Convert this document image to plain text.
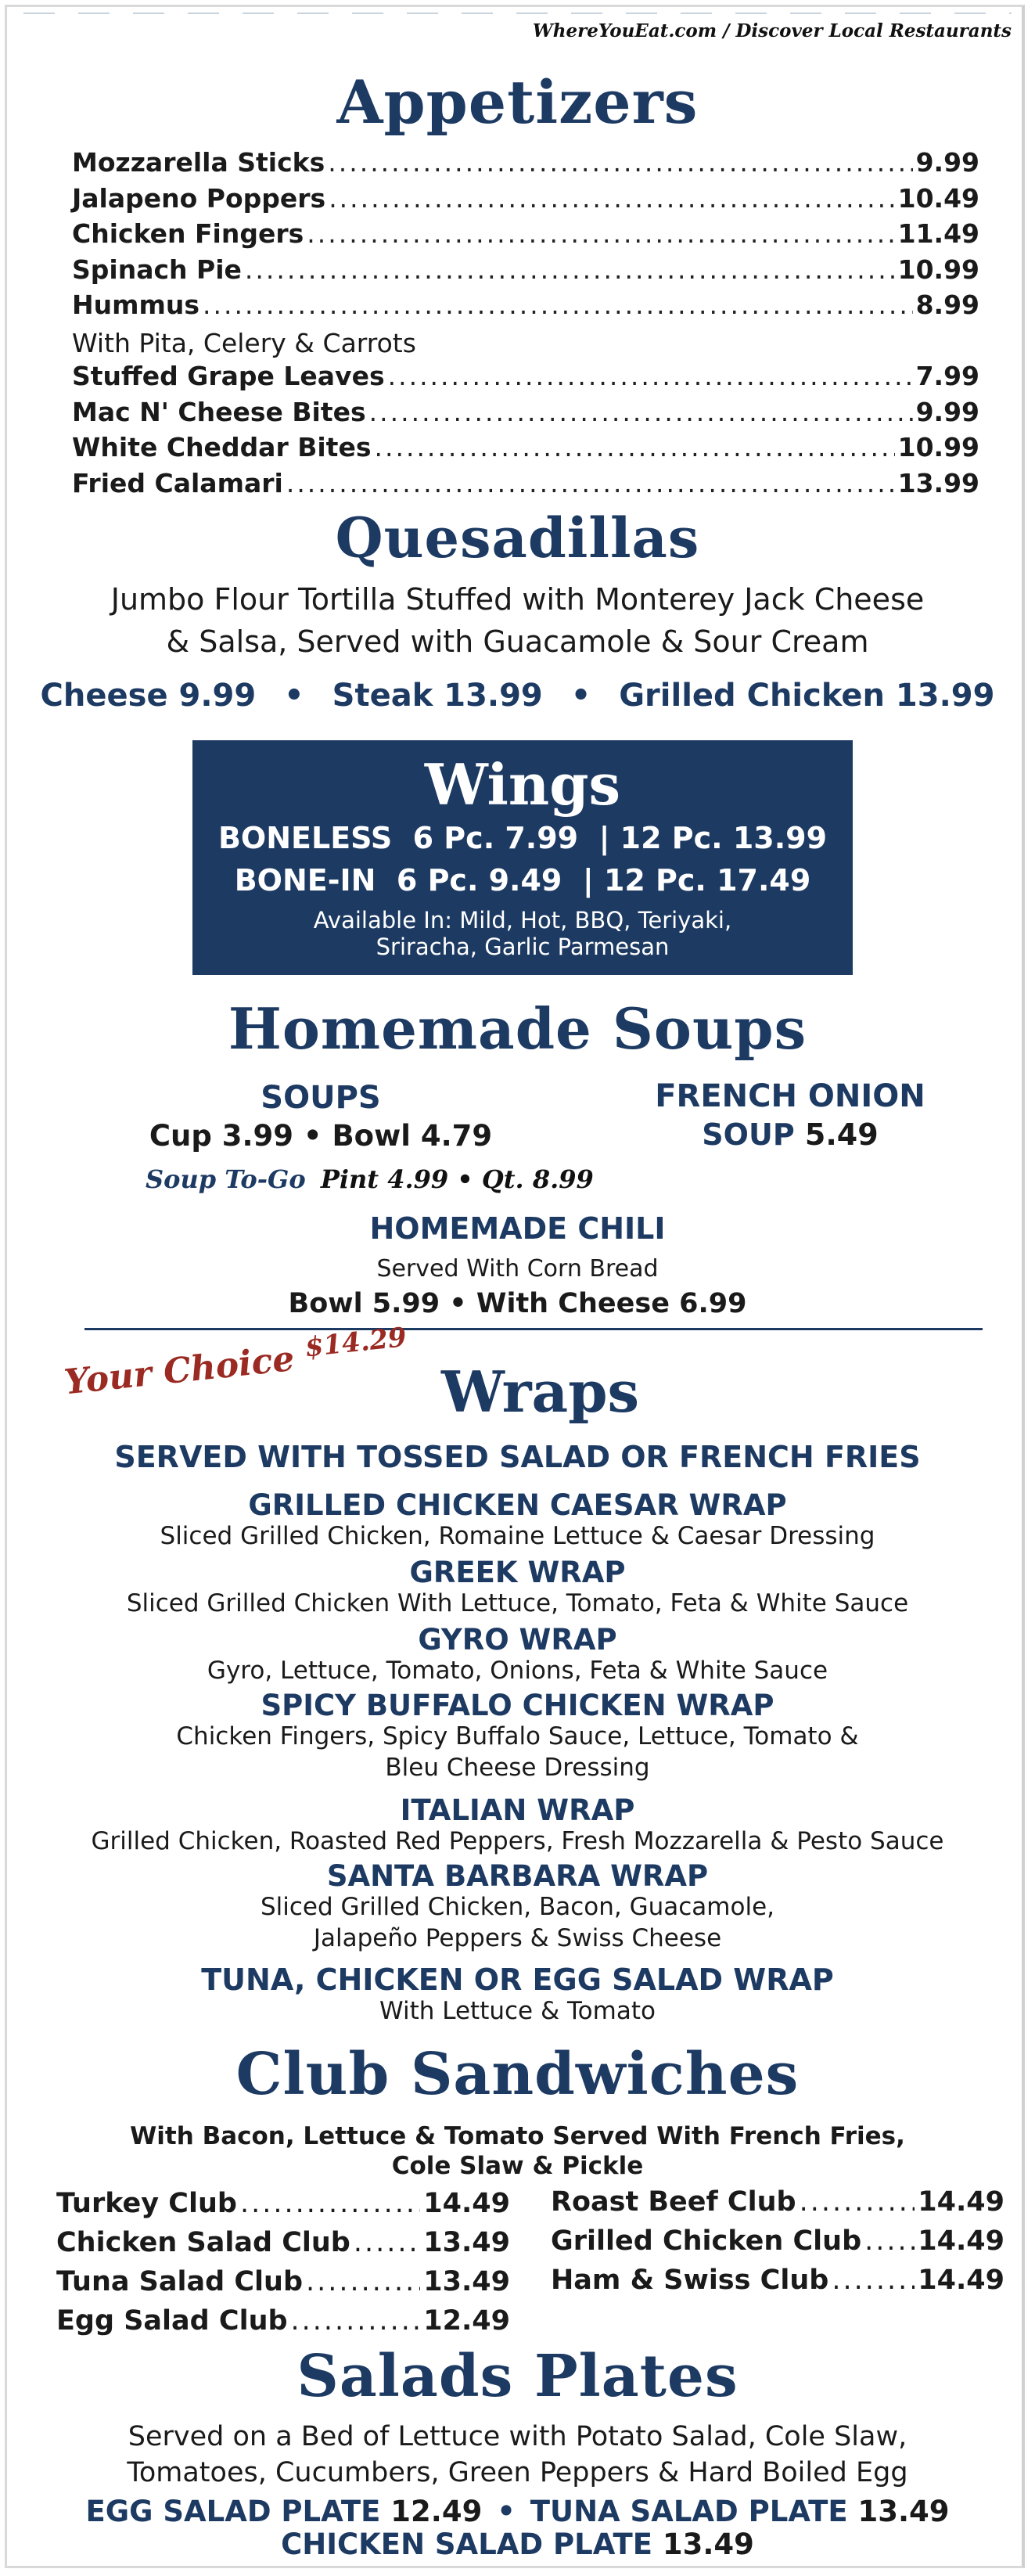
WhereYouEat.com / Discover Local Restaurants
Appetizers
Mozzarella Sticks .....	9.99
Jalapeno Poppers .....	10.49
Chicken Fingers .....	11.49
Spinach Pie .....	10.99
Hummus .....	8.99
With Pita, Celery & Carrots
Stuffed Grape Leaves .....	7.99
Mac N' Cheese Bites .....	9.99
White Cheddar Bites .....	10.99
Fried Calamari .....	13.99
Quesadillas
Jumbo Flour Tortilla Stuffed with Monterey Jack Cheese
& Salsa, Served with Guacamole & Sour Cream
Cheese 9.99 • Steak 13.99 • Grilled Chicken 13.99
Wings
BONELESS  6 Pc. 7.99  | 12 Pc. 13.99
BONE-IN  6 Pc. 9.49  | 12 Pc. 17.49
Available In: Mild, Hot, BBQ, Teriyaki,
Sriracha, Garlic Parmesan
Homemade Soups
SOUPS
Cup 3.99 • Bowl 4.79
Soup To-Go Pint 4.99 • Qt. 8.99
FRENCH ONION
SOUP 5.49
HOMEMADE CHILI
Served With Corn Bread
Bowl 5.99 • With Cheese 6.99
Your Choice $^{\$14.29}$
Wraps
SERVED WITH TOSSED SALAD OR FRENCH FRIES
GRILLED CHICKEN CAESAR WRAP
Sliced Grilled Chicken, Romaine Lettuce & Caesar Dressing
GREEK WRAP
Sliced Grilled Chicken With Lettuce, Tomato, Feta & White Sauce
GYRO WRAP
Gyro, Lettuce, Tomato, Onions, Feta & White Sauce
SPICY BUFFALO CHICKEN WRAP
Chicken Fingers, Spicy Buffalo Sauce, Lettuce, Tomato &
Bleu Cheese Dressing
ITALIAN WRAP
Grilled Chicken, Roasted Red Peppers, Fresh Mozzarella & Pesto Sauce
SANTA BARBARA WRAP
Sliced Grilled Chicken, Bacon, Guacamole,
Jalapeño Peppers & Swiss Cheese
TUNA, CHICKEN OR EGG SALAD WRAP
With Lettuce & Tomato
Club Sandwiches
With Bacon, Lettuce & Tomato Served With French Fries,
Cole Slaw & Pickle
Turkey Club .....	14.49
Chicken Salad Club .....	13.49
Tuna Salad Club .....	13.49
Egg Salad Club .....	12.49
Roast Beef Club .....	14.49
Grilled Chicken Club ..... 14.49
Ham & Swiss Club .....	14.49
Salads Plates
Served on a Bed of Lettuce with Potato Salad, Cole Slaw,
Tomatoes, Cucumbers, Green Peppers & Hard Boiled Egg
EGG SALAD PLATE 12.49 • TUNA SALAD PLATE 13.49
CHICKEN SALAD PLATE 13.49
